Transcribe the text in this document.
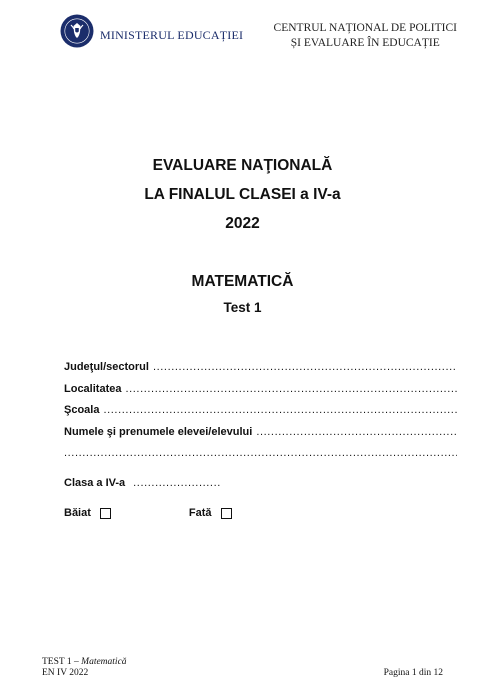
MINISTERUL EDUCAȚIEI	CENTRUL NAȚIONAL DE POLITICI
ȘI EVALUARE ÎN EDUCAȚIE
EVALUARE NAŢIONALĂ
LA FINALUL CLASEI a IV-a
2022
MATEMATICĂ
Test 1
Judeţul/sectorul
.....
Localitatea
.....
Şcoala
.....
Numele şi prenumele elevei/elevului
.....
.....
Clasa a IV-a ........................
Băiat	Fată
TEST 1 – Matematică
EN IV 2022	Pagina 1 din 12
